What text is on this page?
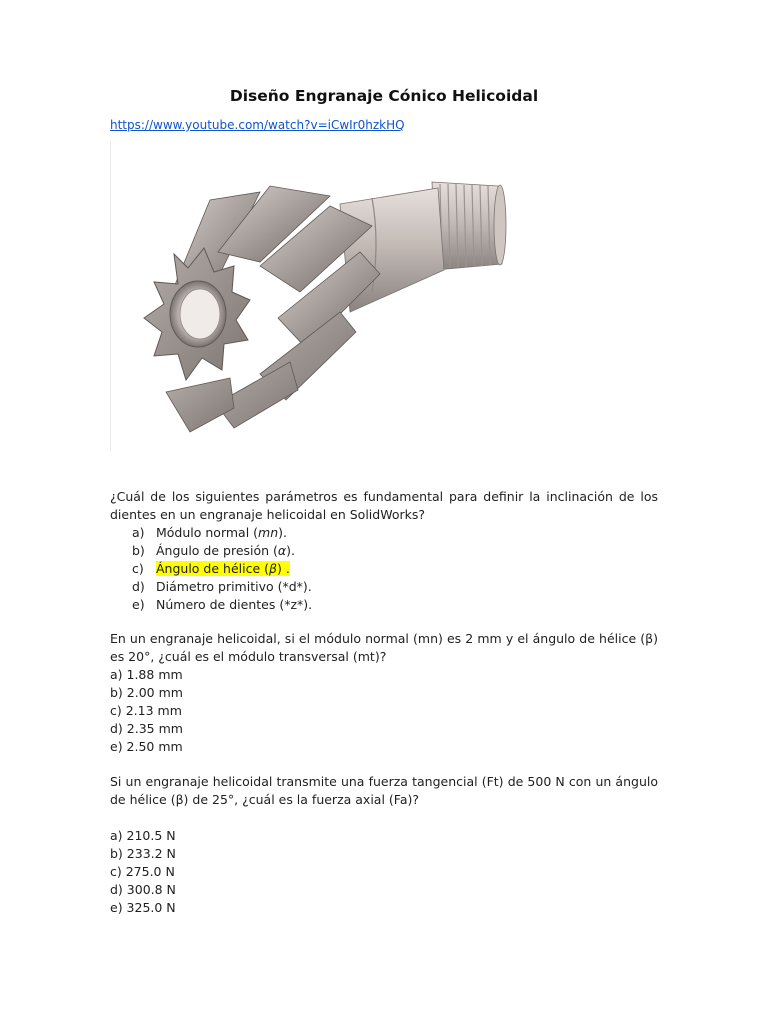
Diseño Engranaje Cónico Helicoidal
https://www.youtube.com/watch?v=iCwIr0hzkHQ
¿Cuál de los siguientes parámetros es fundamental para definir la inclinación de los dientes en un engranaje helicoidal en SolidWorks?
a) Módulo normal (mn).
b) Ángulo de presión (α).
c) Ángulo de hélice (β) .
d) Diámetro primitivo (*d*).
e) Número de dientes (*z*).
En un engranaje helicoidal, si el módulo normal (mn) es 2 mm y el ángulo de hélice (β) es 20°, ¿cuál es el módulo transversal (mt)?
a) 1.88 mm
b) 2.00 mm
c) 2.13 mm
d) 2.35 mm
e) 2.50 mm
Si un engranaje helicoidal transmite una fuerza tangencial (Ft) de 500 N con un ángulo de hélice (β) de 25°, ¿cuál es la fuerza axial (Fa)?
a) 210.5 N
b) 233.2 N
c) 275.0 N
d) 300.8 N
e) 325.0 N
